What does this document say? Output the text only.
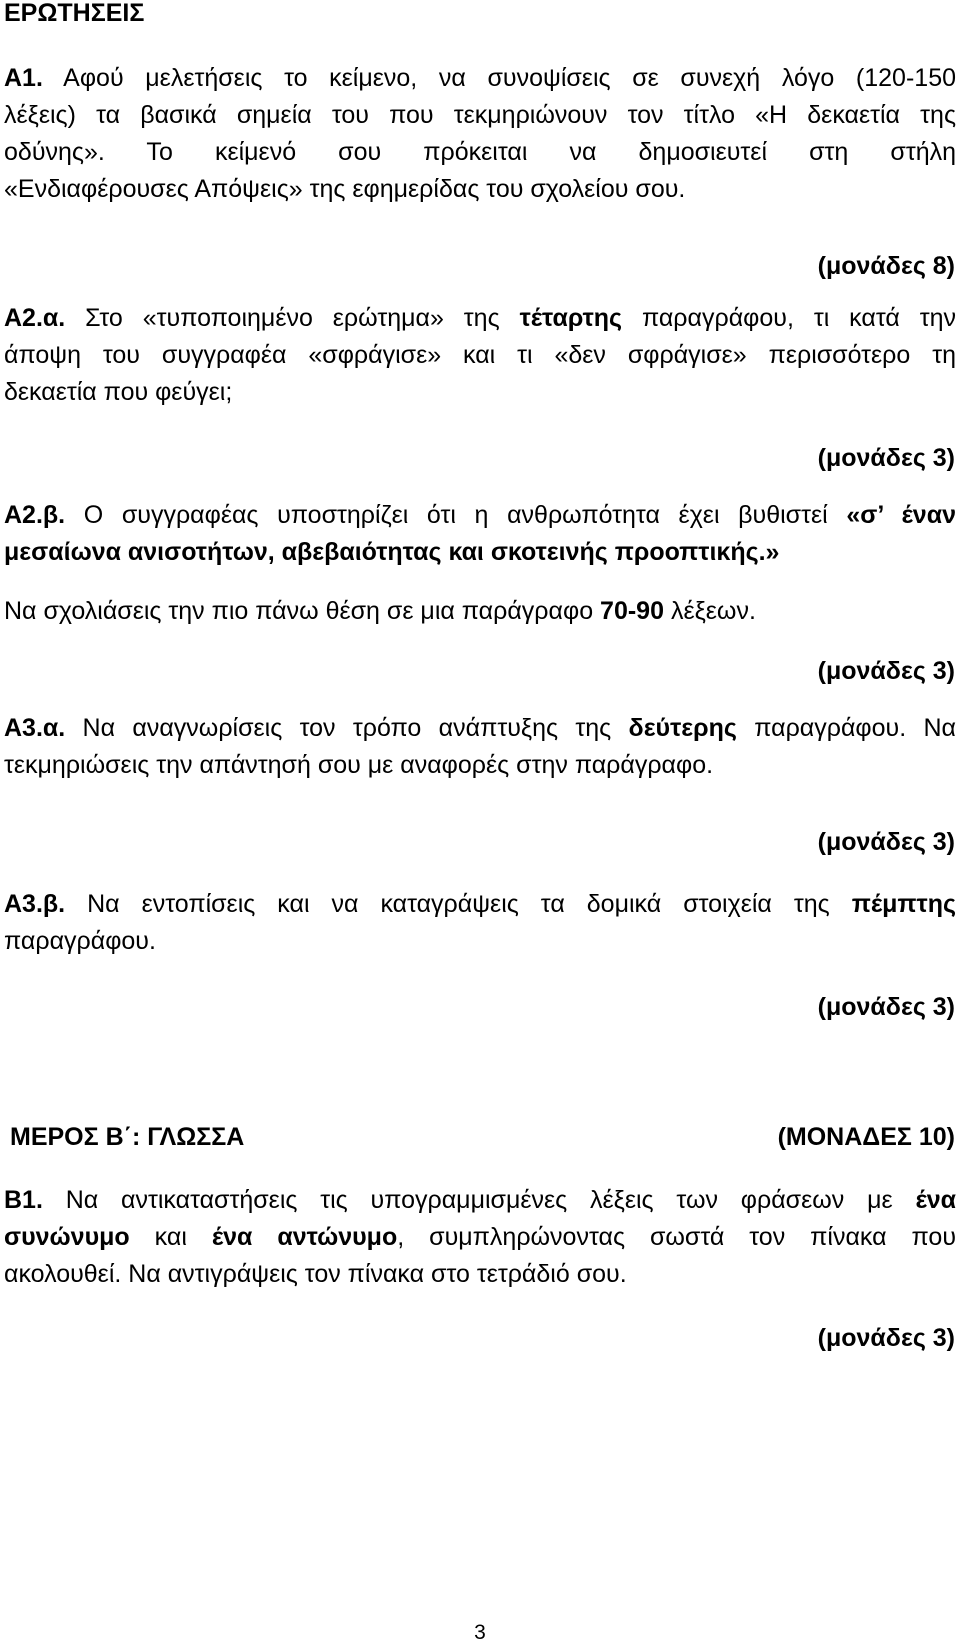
ΕΡΩΤΗΣΕΙΣ
Α1. Αφού μελετήσεις το κείμενο, να συνοψίσεις σε συνεχή λόγο (120-150
λέξεις) τα βασικά σημεία του που τεκμηριώνουν τον τίτλο «Η δεκαετία της
οδύνης». Το κείμενό σου πρόκειται να δημοσιευτεί στη στήλη
«Ενδιαφέρουσες Απόψεις» της εφημερίδας του σχολείου σου.
(μονάδες 8)
Α2.α. Στο «τυποποιημένο ερώτημα» της τέταρτης παραγράφου, τι κατά την
άποψη του συγγραφέα «σφράγισε» και τι «δεν σφράγισε» περισσότερο τη
δεκαετία που φεύγει;
(μονάδες 3)
Α2.β. Ο συγγραφέας υποστηρίζει ότι η ανθρωπότητα έχει βυθιστεί «σ’ έναν
μεσαίωνα ανισοτήτων, αβεβαιότητας και σκοτεινής προοπτικής.»
Να σχολιάσεις την πιο πάνω θέση σε μια παράγραφο 70-90 λέξεων.
(μονάδες 3)
Α3.α. Να αναγνωρίσεις τον τρόπο ανάπτυξης της δεύτερης παραγράφου. Να
τεκμηριώσεις την απάντησή σου με αναφορές στην παράγραφο.
(μονάδες 3)
Α3.β. Να εντοπίσεις και να καταγράψεις τα δομικά στοιχεία της πέμπτης
παραγράφου.
(μονάδες 3)
ΜΕΡΟΣ Β΄: ΓΛΩΣΣΑ	(ΜΟΝΑΔΕΣ 10)
Β1. Να αντικαταστήσεις τις υπογραμμισμένες λέξεις των φράσεων με ένα
συνώνυμο και ένα αντώνυμο, συμπληρώνοντας σωστά τον πίνακα που
ακολουθεί. Να αντιγράψεις τον πίνακα στο τετράδιό σου.
(μονάδες 3)
3
